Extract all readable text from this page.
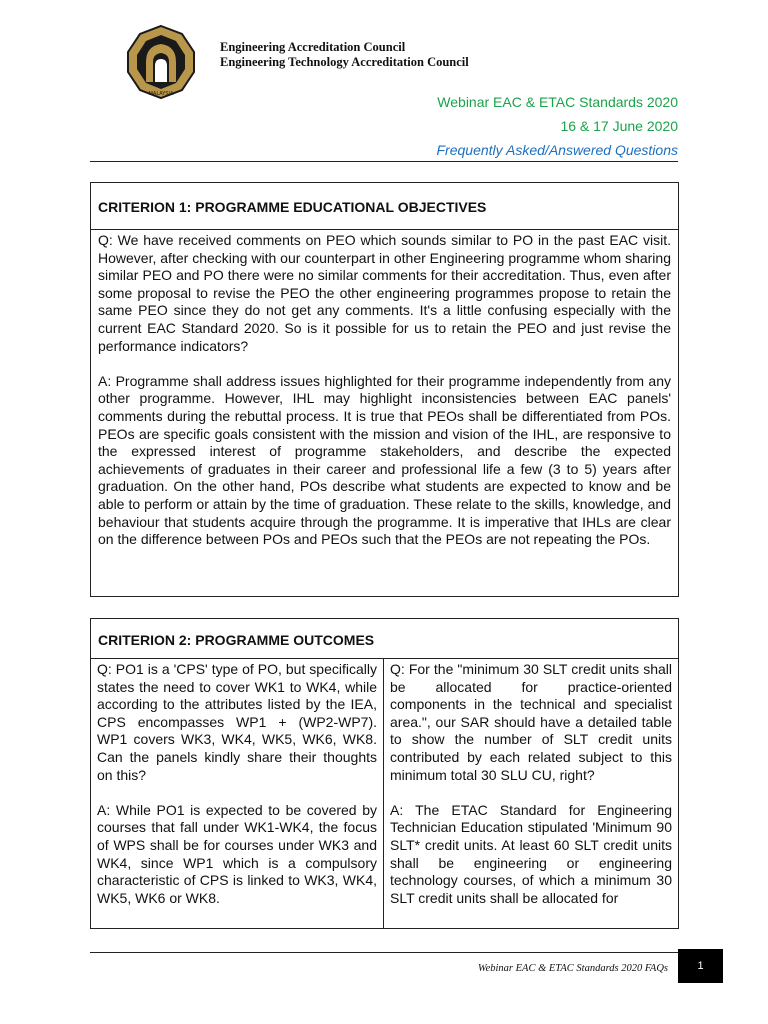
MALAYSIA
Engineering Accreditation Council
Engineering Technology Accreditation Council
Webinar EAC & ETAC Standards 2020
16 & 17 June 2020
Frequently Asked/Answered Questions
CRITERION 1: PROGRAMME EDUCATIONAL OBJECTIVES

Q: We have received comments on PEO which sounds similar to PO in the past EAC visit. However, after checking with our counterpart in other Engineering programme whom sharing similar PEO and PO there were no similar comments for their accreditation. Thus, even after some proposal to revise the PEO the other engineering programmes propose to retain the same PEO since they do not get any comments. It's a little confusing especially with the current EAC Standard 2020. So is it possible for us to retain the PEO and just revise the performance indicators?

A: Programme shall address issues highlighted for their programme independently from any other programme. However, IHL may highlight inconsistencies between EAC panels' comments during the rebuttal process. It is true that PEOs shall be differentiated from POs. PEOs are specific goals consistent with the mission and vision of the IHL, are responsive to the expressed interest of programme stakeholders, and describe the expected achievements of graduates in their career and professional life a few (3 to 5) years after graduation. On the other hand, POs describe what students are expected to know and be able to perform or attain by the time of graduation. These relate to the skills, knowledge, and behaviour that students acquire through the programme. It is imperative that IHLs are clear on the difference between POs and PEOs such that the PEOs are not repeating the POs.

CRITERION 2: PROGRAMME OUTCOMES

Q: PO1 is a 'CPS' type of PO, but specifically states the need to cover WK1 to WK4, while according to the attributes listed by the IEA, CPS encompasses WP1 + (WP2-WP7). WP1 covers WK3, WK4, WK5, WK6, WK8. Can the panels kindly share their thoughts on this?

A: While PO1 is expected to be covered by courses that fall under WK1-WK4, the focus of WPS shall be for courses under WK3 and WK4, since WP1 which is a compulsory characteristic of CPS is linked to WK3, WK4, WK5, WK6 or WK8.

Q: For the "minimum 30 SLT credit units shall be allocated for practice-oriented components in the technical and specialist area.", our SAR should have a detailed table to show the number of SLT credit units contributed by each related subject to this minimum total 30 SLU CU, right?

A: The ETAC Standard for Engineering Technician Education stipulated 'Minimum 90 SLT* credit units. At least 60 SLT credit units shall be engineering or engineering technology courses, of which a minimum 30 SLT credit units shall be allocated for

Webinar EAC & ETAC Standards 2020 FAQs	1
